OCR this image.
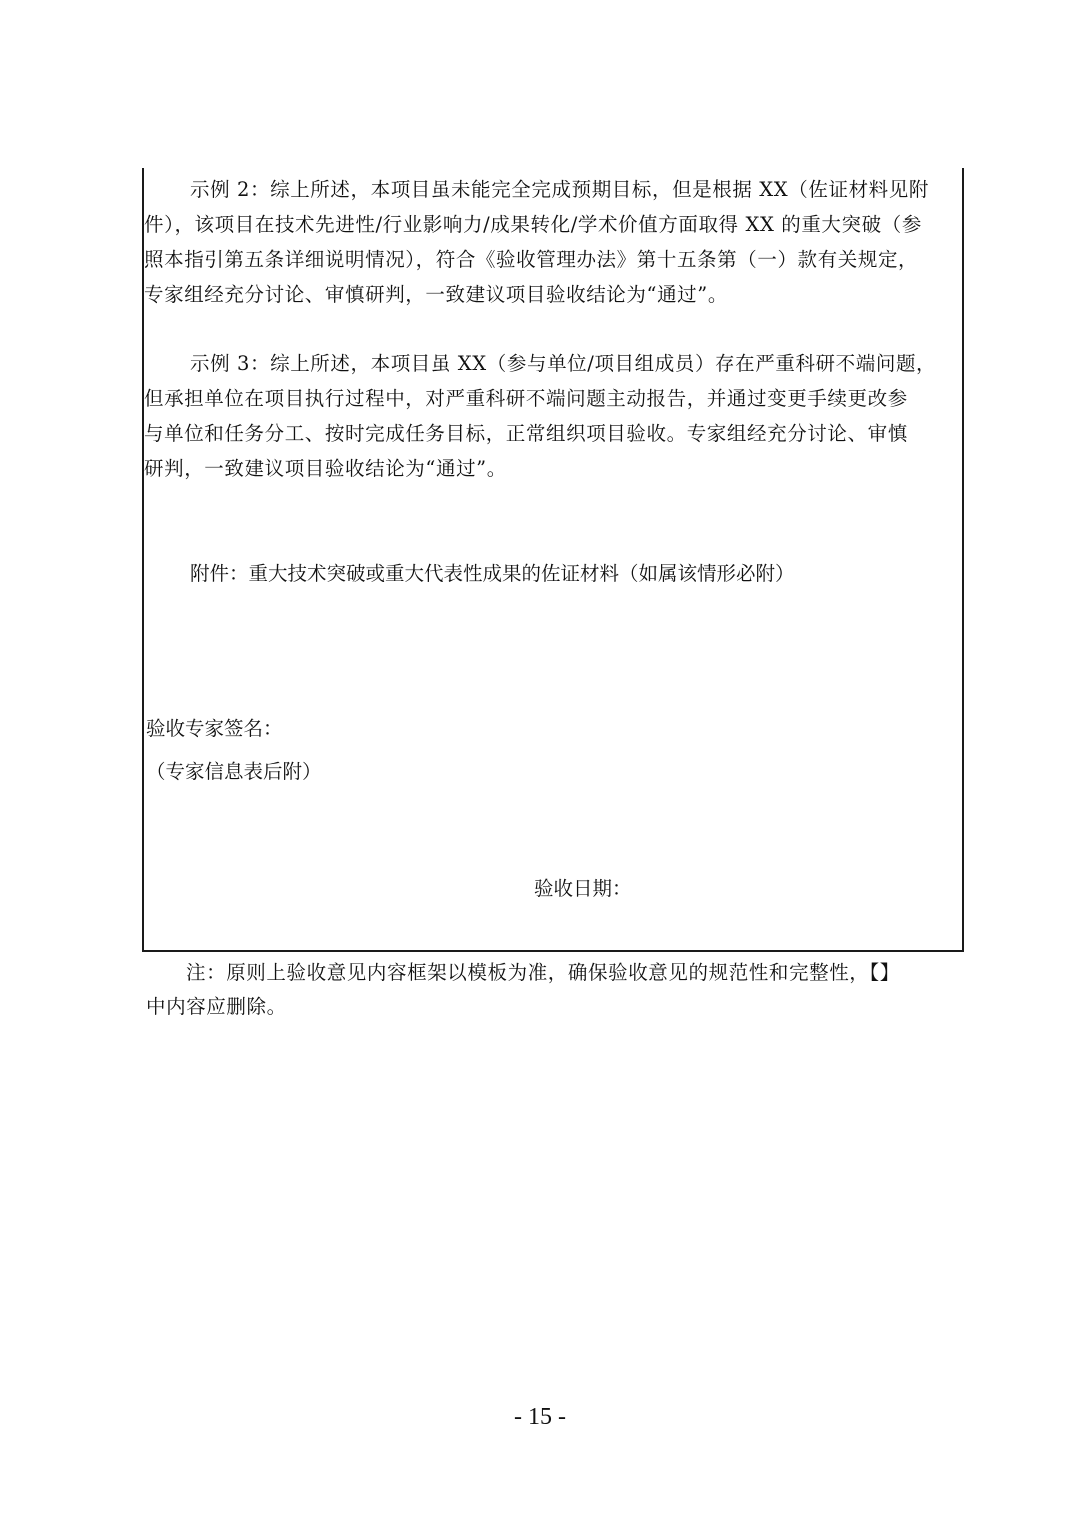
示例 2：综上所述，本项目虽未能完全完成预期目标，但是根据 XX（佐证材料见附
件），该项目在技术先进性/行业影响力/成果转化/学术价值方面取得 XX 的重大突破（参
照本指引第五条详细说明情况），符合《验收管理办法》第十五条第（一）款有关规定，
专家组经充分讨论、审慎研判，一致建议项目验收结论为“通过”。
示例 3：综上所述，本项目虽 XX（参与单位/项目组成员）存在严重科研不端问题，
但承担单位在项目执行过程中，对严重科研不端问题主动报告，并通过变更手续更改参
与单位和任务分工、按时完成任务目标，正常组织项目验收。专家组经充分讨论、审慎
研判，一致建议项目验收结论为“通过”。
附件：重大技术突破或重大代表性成果的佐证材料（如属该情形必附）
验收专家签名：
（专家信息表后附）
验收日期：
注：原则上验收意见内容框架以模板为准，确保验收意见的规范性和完整性，【】
中内容应删除。
- 15 -
